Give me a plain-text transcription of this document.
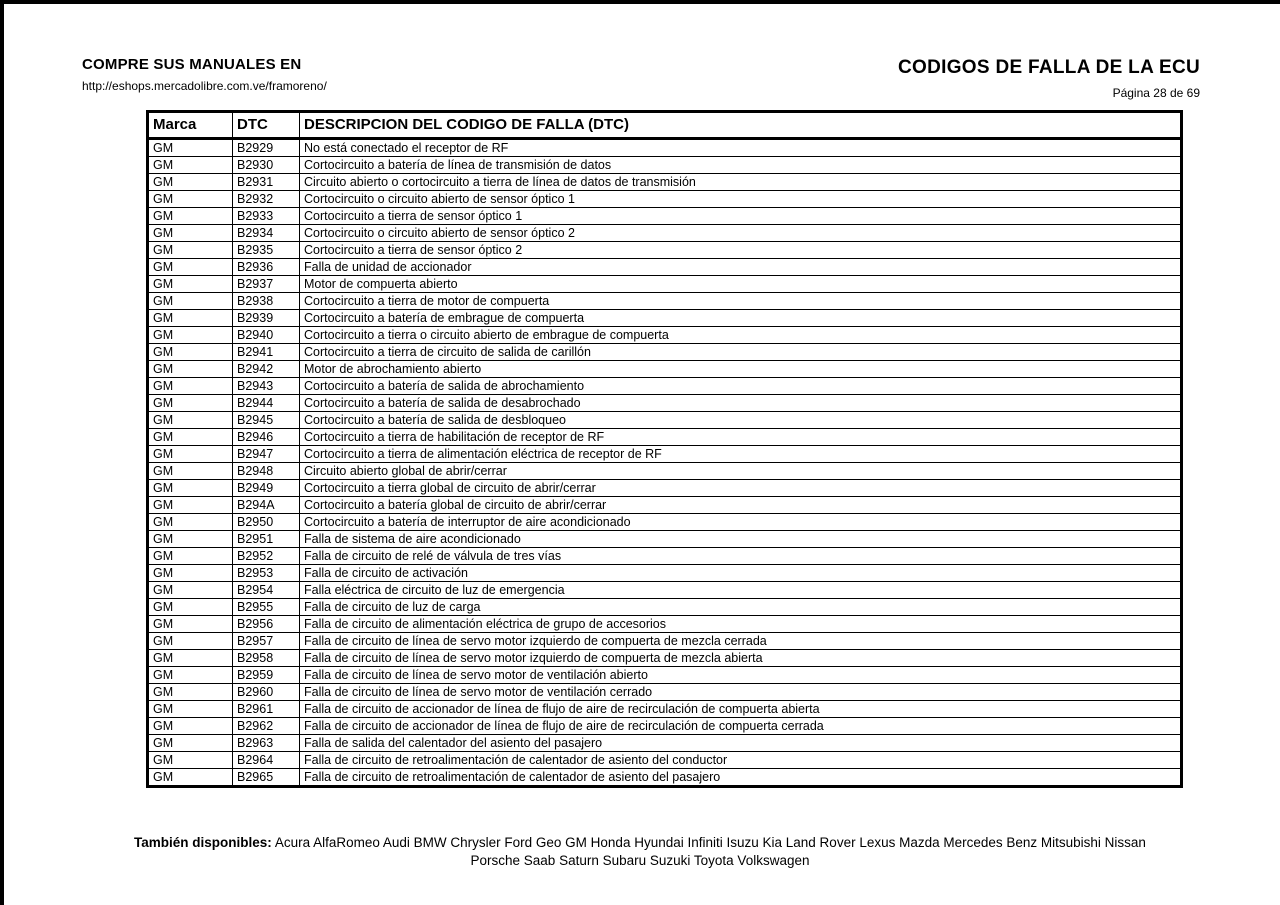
COMPRE SUS MANUALES EN
http://eshops.mercadolibre.com.ve/framoreno/
CODIGOS DE FALLA DE LA ECU
Página 28 de 69
Marca	DTC	DESCRIPCION DEL CODIGO DE FALLA (DTC)
GM	B2929	No está conectado el receptor de RF
GM	B2930	Cortocircuito a batería de línea de transmisión de datos
GM	B2931	Circuito abierto o cortocircuito a tierra de línea de datos de transmisión
GM	B2932	Cortocircuito o circuito abierto de sensor óptico 1
GM	B2933	Cortocircuito a tierra de sensor óptico 1
GM	B2934	Cortocircuito o circuito abierto de sensor óptico 2
GM	B2935	Cortocircuito a tierra de sensor óptico 2
GM	B2936	Falla de unidad de accionador
GM	B2937	Motor de compuerta abierto
GM	B2938	Cortocircuito a tierra de motor de compuerta
GM	B2939	Cortocircuito a batería de embrague de compuerta
GM	B2940	Cortocircuito a tierra o circuito abierto de embrague de compuerta
GM	B2941	Cortocircuito a tierra de circuito de salida de carillón
GM	B2942	Motor de abrochamiento abierto
GM	B2943	Cortocircuito a batería de salida de abrochamiento
GM	B2944	Cortocircuito a batería de salida de desabrochado
GM	B2945	Cortocircuito a batería de salida de desbloqueo
GM	B2946	Cortocircuito a tierra de habilitación de receptor de RF
GM	B2947	Cortocircuito a tierra de alimentación eléctrica de receptor de RF
GM	B2948	Circuito abierto global de abrir/cerrar
GM	B2949	Cortocircuito a tierra global de circuito de abrir/cerrar
GM	B294A	Cortocircuito a batería global de circuito de abrir/cerrar
GM	B2950	Cortocircuito a batería de interruptor de aire acondicionado
GM	B2951	Falla de sistema de aire acondicionado
GM	B2952	Falla de circuito de relé de válvula de tres vías
GM	B2953	Falla de circuito de activación
GM	B2954	Falla eléctrica de circuito de luz de emergencia
GM	B2955	Falla de circuito de luz de carga
GM	B2956	Falla de circuito de alimentación eléctrica de grupo de accesorios
GM	B2957	Falla de circuito de línea de servo motor izquierdo de compuerta de mezcla cerrada
GM	B2958	Falla de circuito de línea de servo motor izquierdo de compuerta de mezcla abierta
GM	B2959	Falla de circuito de línea de servo motor de ventilación abierto
GM	B2960	Falla de circuito de línea de servo motor de ventilación cerrado
GM	B2961	Falla de circuito de accionador de línea de flujo de aire de recirculación de compuerta abierta
GM	B2962	Falla de circuito de accionador de línea de flujo de aire de recirculación de compuerta cerrada
GM	B2963	Falla de salida del calentador del asiento del pasajero
GM	B2964	Falla de circuito de retroalimentación de calentador de asiento del conductor
GM	B2965	Falla de circuito de retroalimentación de calentador de asiento del pasajero
También disponibles: Acura AlfaRomeo Audi BMW Chrysler Ford Geo GM Honda Hyundai Infiniti Isuzu Kia Land Rover Lexus Mazda Mercedes Benz Mitsubishi Nissan
Porsche Saab Saturn Subaru Suzuki Toyota Volkswagen
